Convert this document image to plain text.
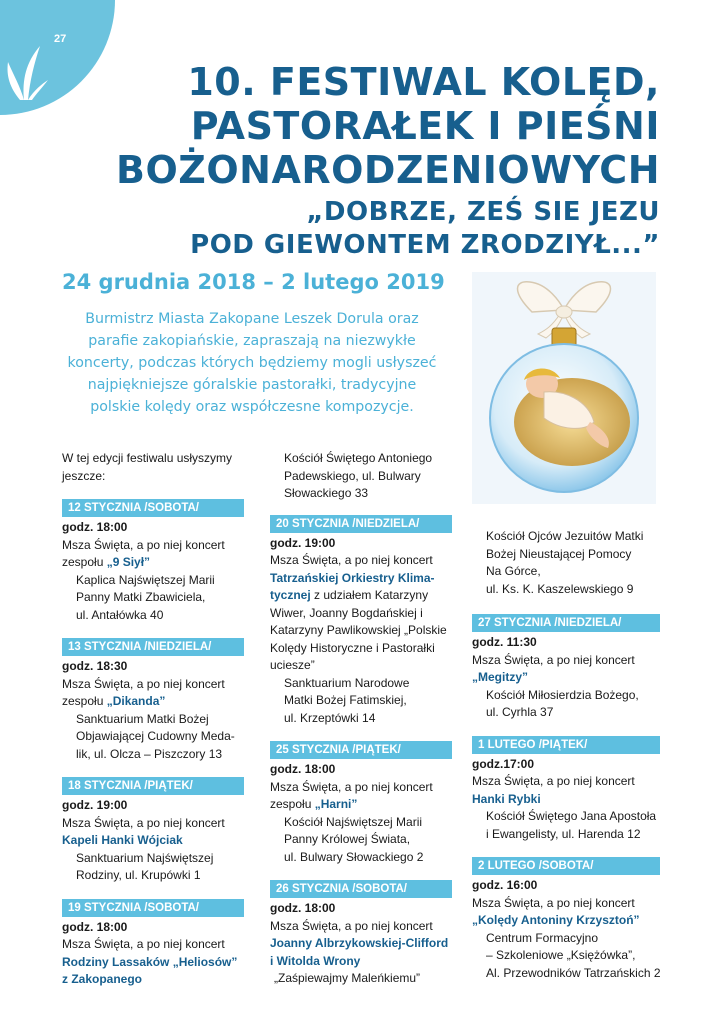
27
10. FESTIWAL KOLĘD,
PASTORAŁEK I PIEŚNI
BOŻONARODZENIOWYCH
„DOBRZE, ZEŚ SIE JEZU
POD GIEWONTEM ZRODZIYŁ...”
24 grudnia 2018 – 2 lutego 2019
Burmistrz Miasta Zakopane Leszek Dorula oraz parafie zakopiańskie, zapraszają na niezwykłe koncerty, podczas których będziemy mogli usłyszeć najpiękniejsze góralskie pastorałki, tradycyjne polskie kolędy oraz współczesne kompozycje.

W tej edycji festiwalu usłyszymy jeszcze:

12 STYCZNIA /SOBOTA/

godz. 18:00

Msza Święta, a po niej koncert

zespołu „9 Siył”

Kaplica Najświętszej Marii

Panny Matki Zbawiciela,

ul. Antałówka 40

13 STYCZNIA /NIEDZIELA/

godz. 18:30

Msza Święta, a po niej koncert

zespołu „Dikanda”

Sanktuarium Matki Bożej

Objawiającej Cudowny Meda-

lik, ul. Olcza – Piszczory 13

18 STYCZNIA /PIĄTEK/

godz. 19:00

Msza Święta, a po niej koncert

Kapeli Hanki Wójciak

Sanktuarium Najświętszej

Rodziny, ul. Krupówki 1

19 STYCZNIA /SOBOTA/

godz. 18:00

Msza Święta, a po niej koncert

Rodziny Lassaków „Heliosów”

z Zakopanego

Kościół Świętego Antoniego

Padewskiego, ul. Bulwary

Słowackiego 33

20 STYCZNIA /NIEDZIELA/

godz. 19:00

Msza Święta, a po niej koncert

Tatrzańskiej Orkiestry Klima-

tycznej z udziałem Katarzyny

Wiwer, Joanny Bogdańskiej i

Katarzyny Pawlikowskiej „Polskie

Kolędy Historyczne i Pastorałki

uciesze”

Sanktuarium Narodowe

Matki Bożej Fatimskiej,

ul. Krzeptówki 14

25 STYCZNIA /PIĄTEK/

godz. 18:00

Msza Święta, a po niej koncert

zespołu „Harni”

Kościół Najświętszej Marii

Panny Królowej Świata,

ul. Bulwary Słowackiego 2

26 STYCZNIA /SOBOTA/

godz. 18:00

Msza Święta, a po niej koncert

Joanny Albrzykowskiej-Clifford

i Witolda Wrony

„Zaśpiewajmy Maleńkiemu”

Kościół Ojców Jezuitów Matki

Bożej Nieustającej Pomocy

Na Górce,

ul. Ks. K. Kaszelewskiego 9

27 STYCZNIA /NIEDZIELA/

godz. 11:30

Msza Święta, a po niej koncert

„Megitzy”

Kościół Miłosierdzia Bożego,

ul. Cyrhla 37

1 LUTEGO /PIĄTEK/

godz.17:00

Msza Święta, a po niej koncert

Hanki Rybki

Kościół Świętego Jana Apostoła

i Ewangelisty, ul. Harenda 12

2 LUTEGO /SOBOTA/

godz. 16:00

Msza Święta, a po niej koncert

„Kolędy Antoniny Krzysztoń”

Centrum Formacyjno

– Szkoleniowe „Księżówka”,

Al. Przewodników Tatrzańskich 2
